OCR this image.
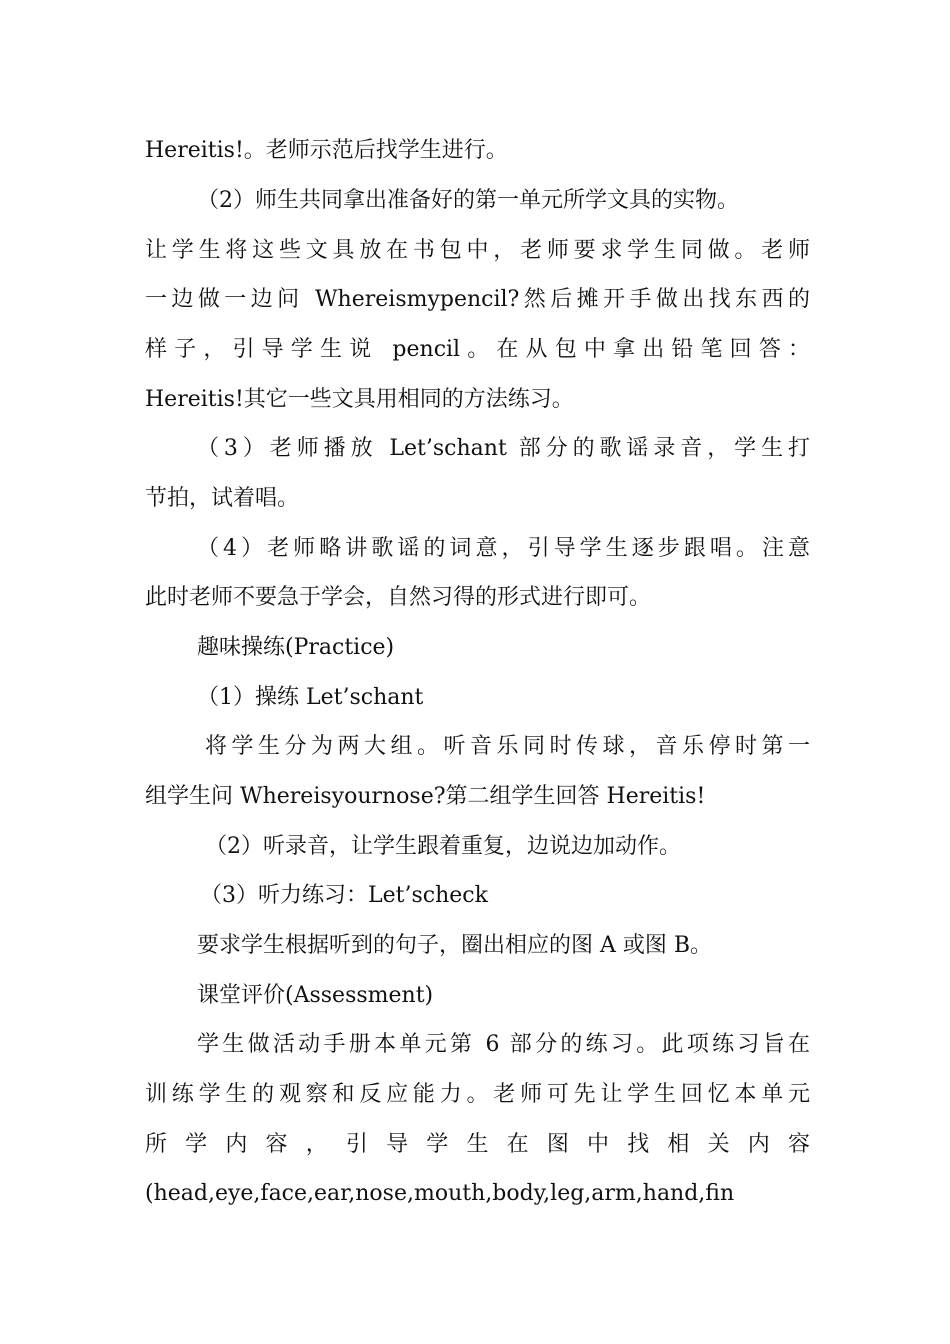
Hereitis!。老师示范后找学生进行。
（2）师生共同拿出准备好的第一单元所学文具的实物。
让学生将这些文具放在书包中，老师要求学生同做。老师
一边做一边问 Whereismypencil?然后摊开手做出找东西的
样子，引导学生说 pencil。在从包中拿出铅笔回答：
Hereitis!其它一些文具用相同的方法练习。
（3）老师播放 Let’schant 部分的歌谣录音，学生打
节拍，试着唱。
（4）老师略讲歌谣的词意，引导学生逐步跟唱。注意
此时老师不要急于学会，自然习得的形式进行即可。
趣味操练(Practice)
（1）操练 Let’schant
将学生分为两大组。听音乐同时传球，音乐停时第一
组学生问 Whereisyournose?第二组学生回答 Hereitis!
（2）听录音，让学生跟着重复，边说边加动作。
（3）听力练习：Let’scheck
要求学生根据听到的句子，圈出相应的图 A 或图 B。
课堂评价(Assessment)
学生做活动手册本单元第 6 部分的练习。此项练习旨在
训练学生的观察和反应能力。老师可先让学生回忆本单元
所 学 内 容 ， 引 导 学 生 在 图 中 找 相 关 内 容
(head,eye,face,ear,nose,mouth,body,leg,arm,hand,fin
